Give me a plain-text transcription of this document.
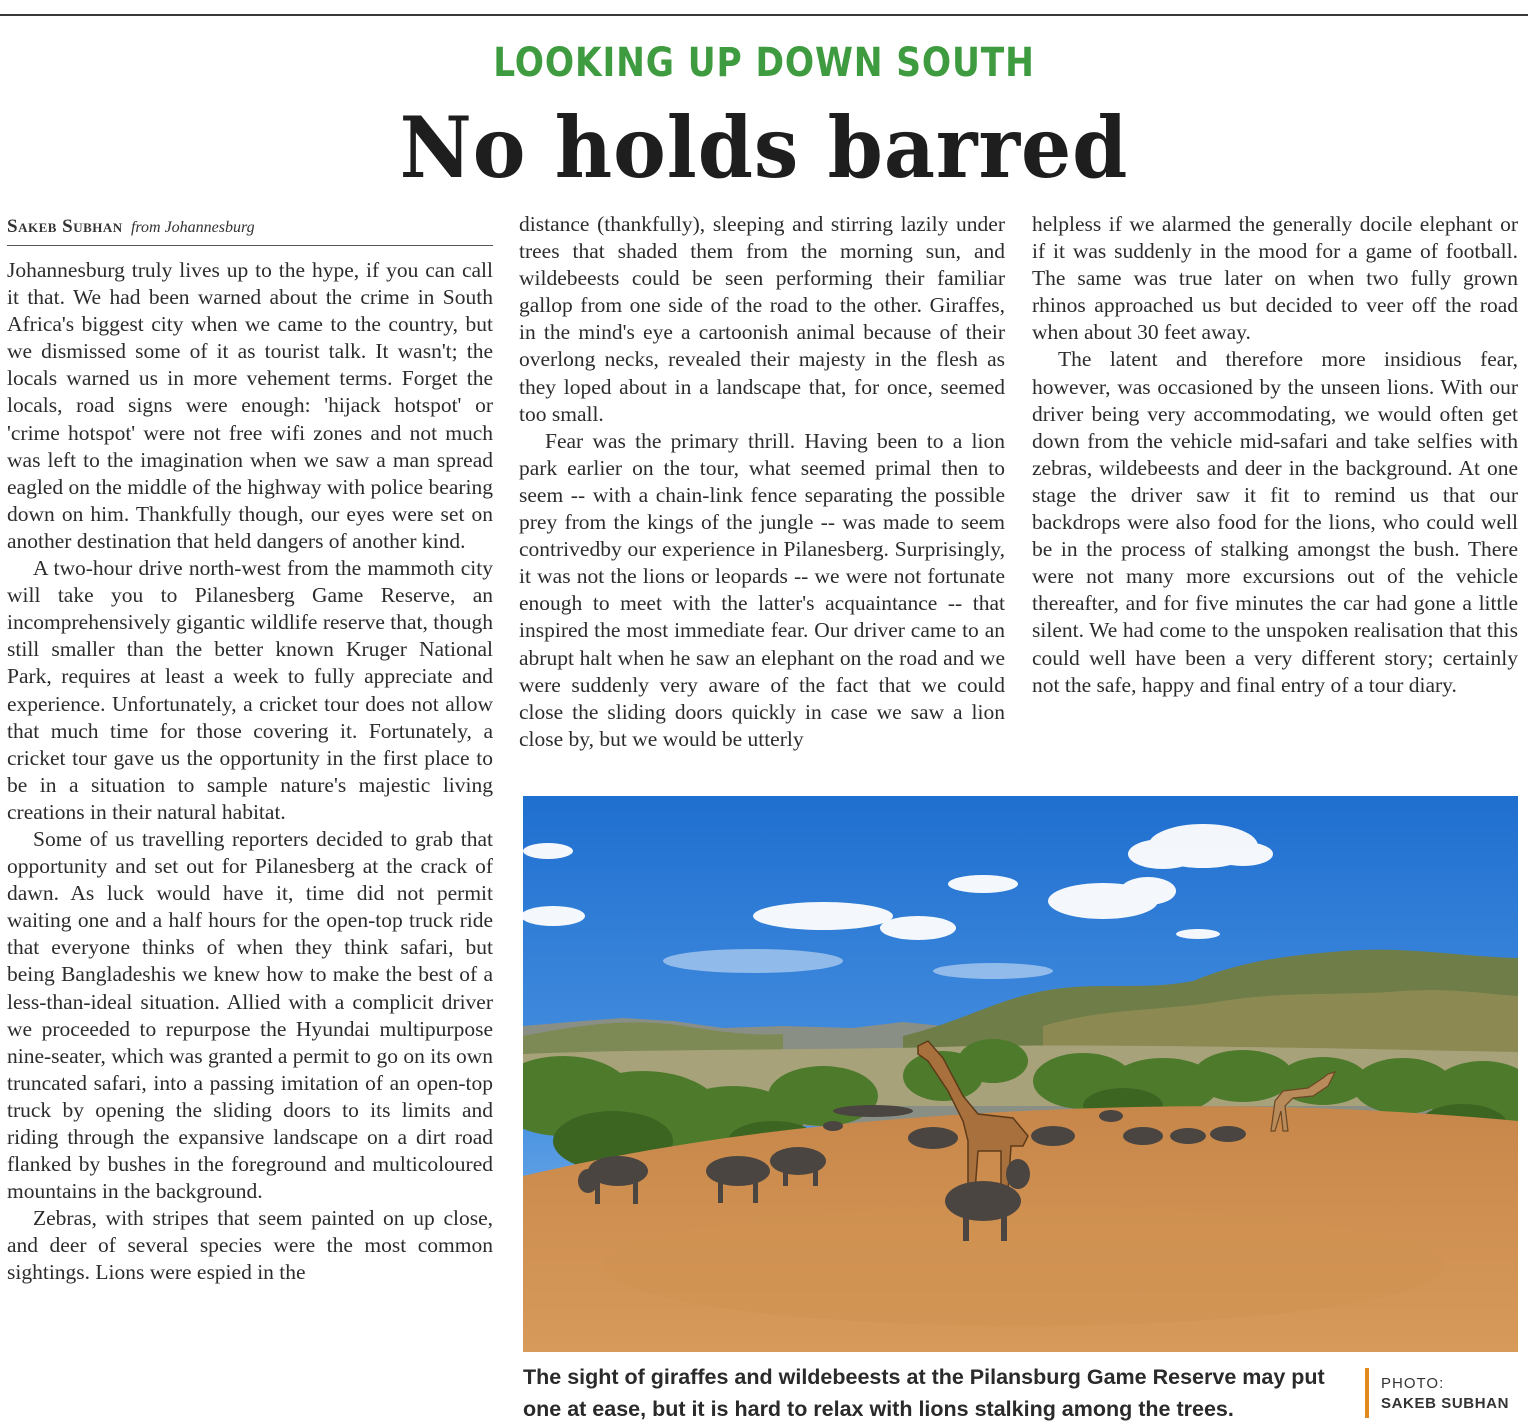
LOOKING UP DOWN SOUTH
No holds barred
Sakeb Subhan from Johannesburg

Johannesburg truly lives up to the hype, if you can call it that. We had been warned about the crime in South Africa's biggest city when we came to the country, but we dismissed some of it as tourist talk. It wasn't; the locals warned us in more vehement terms. Forget the locals, road signs were enough: 'hijack hotspot' or 'crime hotspot' were not free wifi zones and not much was left to the imagination when we saw a man spread eagled on the middle of the highway with police bearing down on him. Thankfully though, our eyes were set on another destination that held dangers of another kind.

A two-hour drive north-west from the mammoth city will take you to Pilanesberg Game Reserve, an incomprehensively gigantic wildlife reserve that, though still smaller than the better known Kruger National Park, requires at least a week to fully appreciate and experience. Unfortunately, a cricket tour does not allow that much time for those covering it. Fortunately, a cricket tour gave us the opportunity in the first place to be in a situation to sample nature's majestic living creations in their natural habitat.

Some of us travelling reporters decided to grab that opportunity and set out for Pilanesberg at the crack of dawn. As luck would have it, time did not permit waiting one and a half hours for the open-top truck ride that everyone thinks of when they think safari, but being Bangladeshis we knew how to make the best of a less-than-ideal situation. Allied with a complicit driver we proceeded to repurpose the Hyundai multipurpose nine-seater, which was granted a permit to go on its own truncated safari, into a passing imitation of an open-top truck by opening the sliding doors to its limits and riding through the expansive landscape on a dirt road flanked by bushes in the foreground and multicoloured mountains in the background.

Zebras, with stripes that seem painted on up close, and deer of several species were the most common sightings. Lions were espied in the

distance (thankfully), sleeping and stirring lazily under trees that shaded them from the morning sun, and wildebeests could be seen performing their familiar gallop from one side of the road to the other. Giraffes, in the mind's eye a cartoonish animal because of their overlong necks, revealed their majesty in the flesh as they loped about in a landscape that, for once, seemed too small.

Fear was the primary thrill. Having been to a lion park earlier on the tour, what seemed primal then to seem -- with a chain-link fence separating the possible prey from the kings of the jungle -- was made to seem contrivedby our experience in Pilanesberg. Surprisingly, it was not the lions or leopards -- we were not fortunate enough to meet with the latter's acquaintance -- that inspired the most immediate fear. Our driver came to an abrupt halt when he saw an elephant on the road and we were suddenly very aware of the fact that we could close the sliding doors quickly in case we saw a lion close by, but we would be utterly

helpless if we alarmed the generally docile elephant or if it was suddenly in the mood for a game of football. The same was true later on when two fully grown rhinos approached us but decided to veer off the road when about 30 feet away.

The latent and therefore more insidious fear, however, was occasioned by the unseen lions. With our driver being very accommodating, we would often get down from the vehicle mid-safari and take selfies with zebras, wildebeests and deer in the background. At one stage the driver saw it fit to remind us that our backdrops were also food for the lions, who could well be in the process of stalking amongst the bush. There were not many more excursions out of the vehicle thereafter, and for five minutes the car had gone a little silent. We had come to the unspoken realisation that this could well have been a very different story; certainly not the safe, happy and final entry of a tour diary.

The sight of giraffes and wildebeests at the Pilansburg Game Reserve may put one at ease, but it is hard to relax with lions stalking among the trees.
PHOTO:
SAKEB SUBHAN
